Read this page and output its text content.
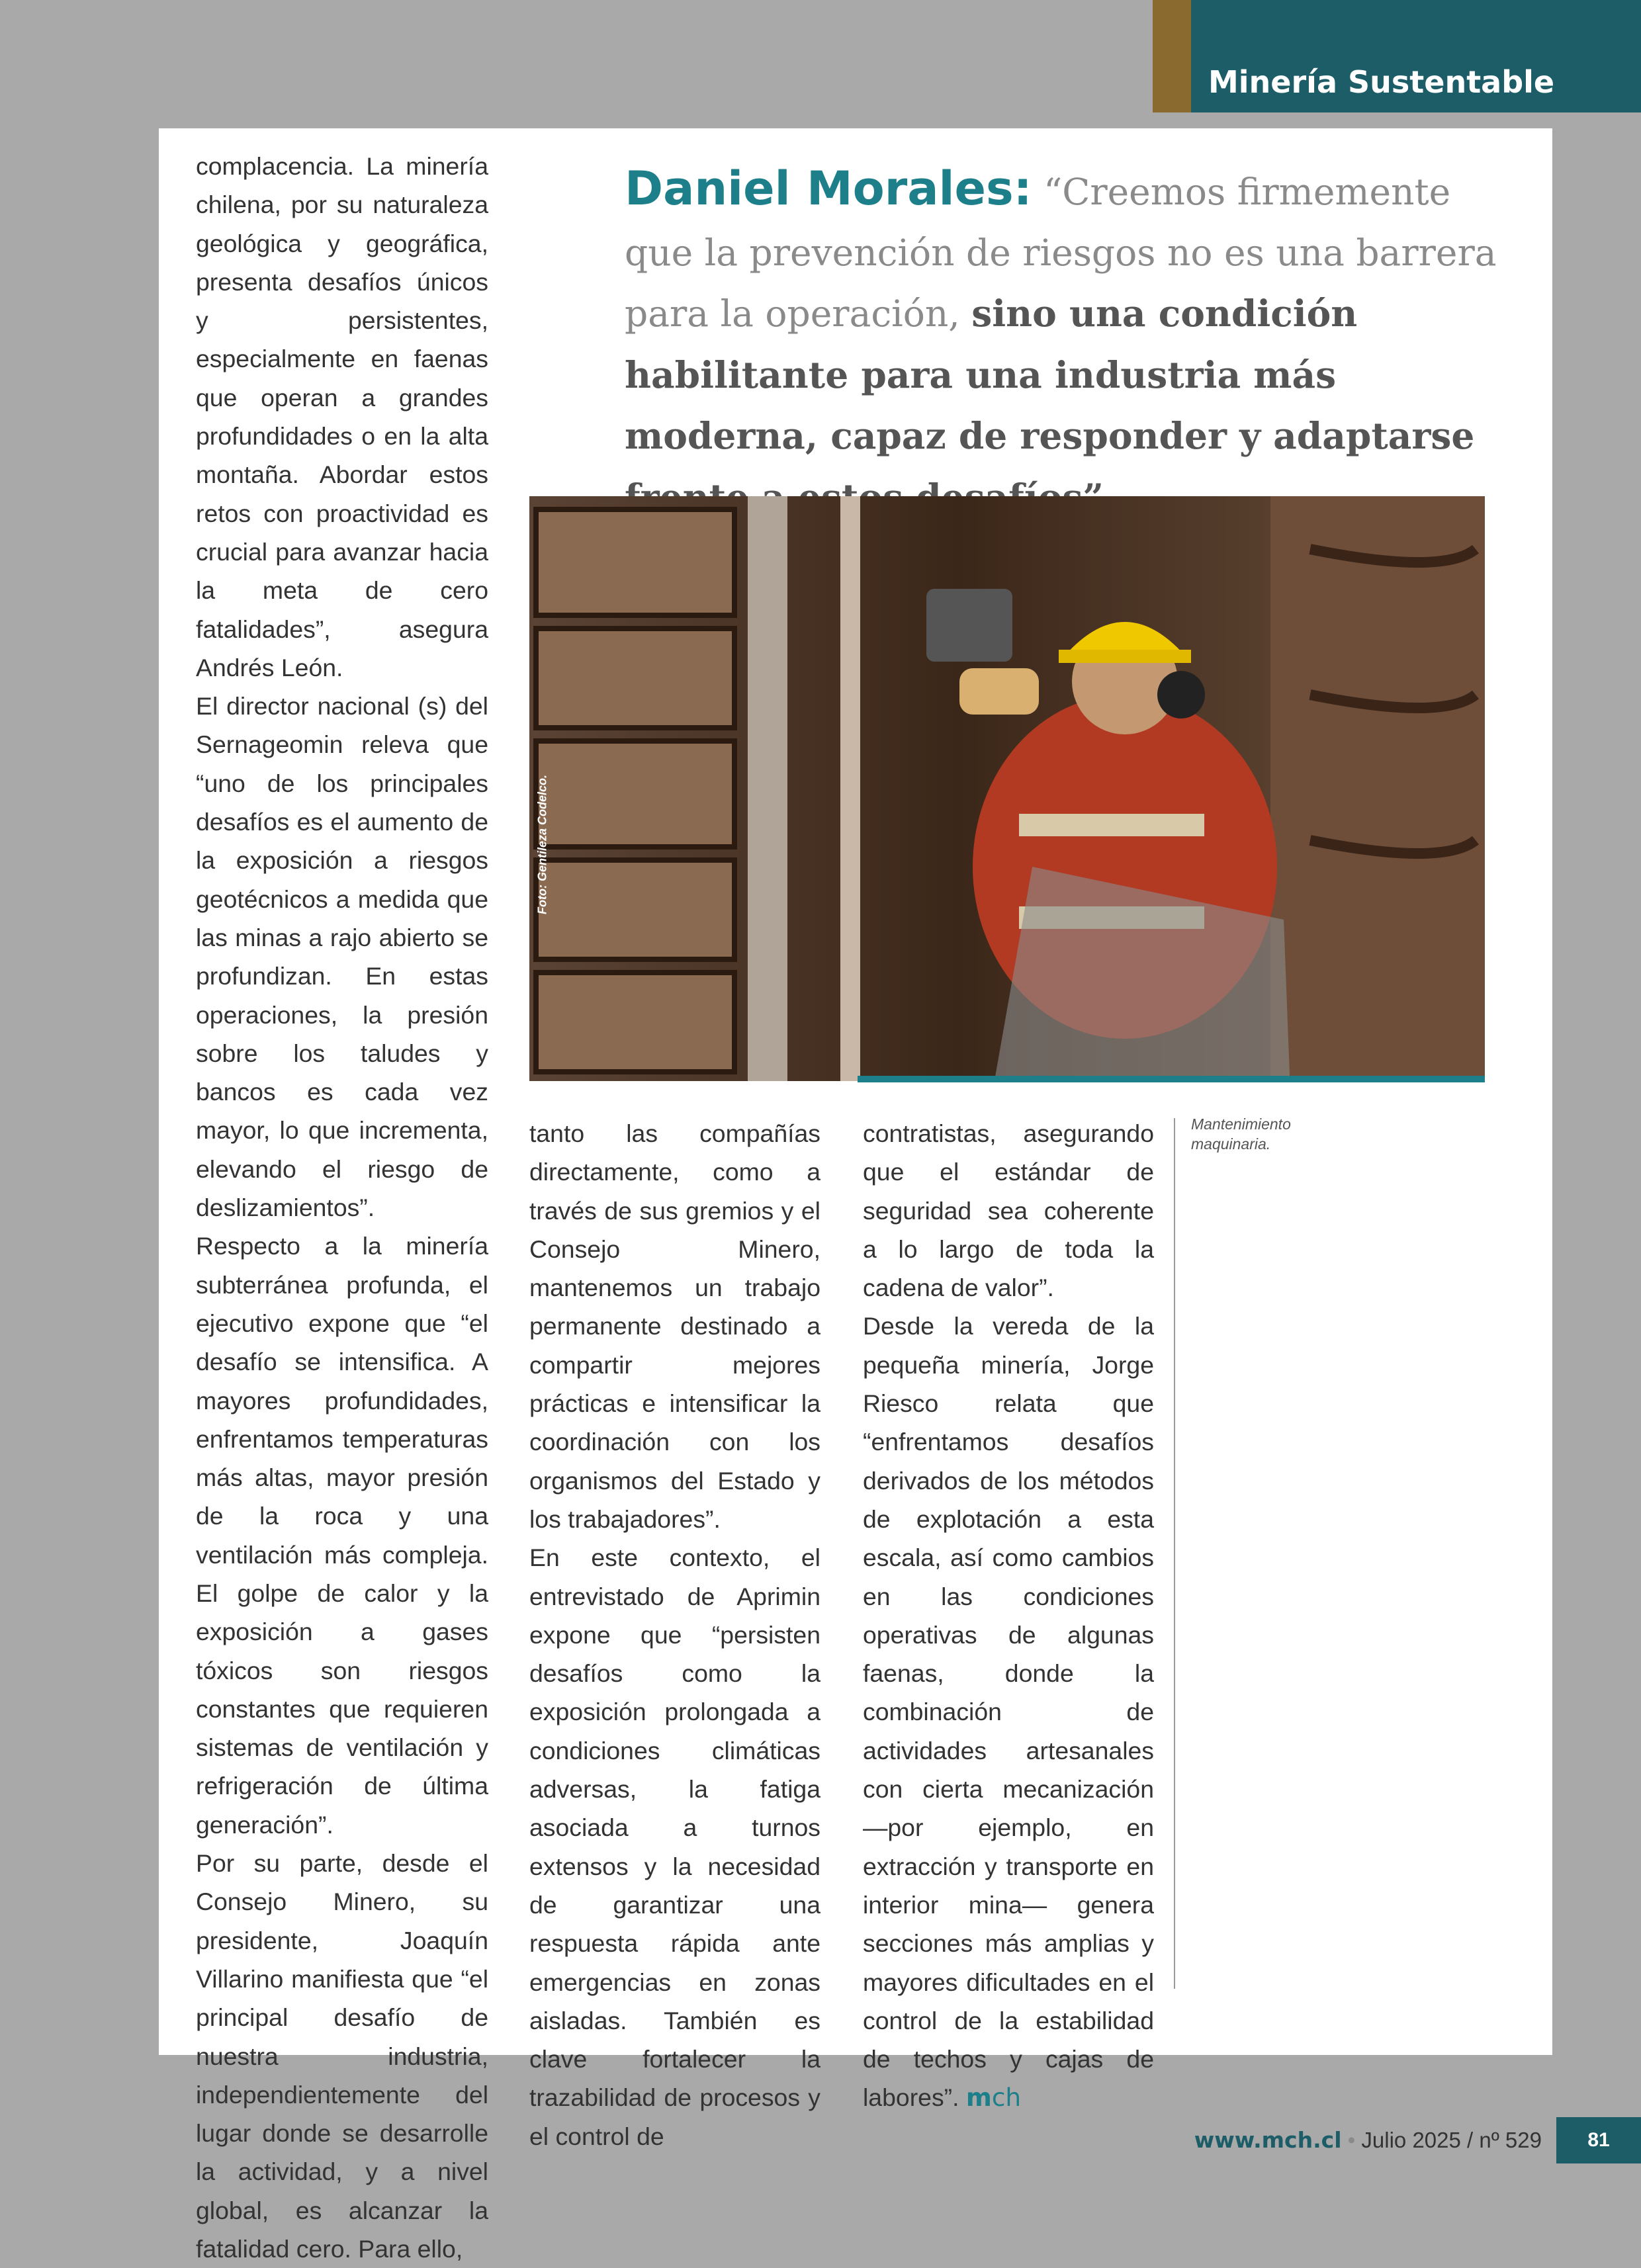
Minería Sustentable

Daniel Morales: “Creemos firmemente que la prevención de riesgos no es una barrera para la operación, sino una condición habilitante para una industria más moderna, capaz de responder y adaptarse

Foto: Gentileza Codelco.

complacencia. La minería chilena, por su naturaleza geológica y geográfica, presenta desafíos únicos y persistentes, especialmente en faenas que operan a grandes profundidades o en la alta montaña. Abordar estos retos con proactividad es crucial para avanzar hacia la meta de cero fatalidades”, asegura Andrés León.

El director nacional (s) del Sernageomin releva que “uno de los principales desafíos es el aumento de la exposición a riesgos geotécnicos a medida que las minas a rajo abierto se profundizan. En estas operaciones, la presión sobre los taludes y bancos es cada vez mayor, lo que incrementa, elevando el riesgo de deslizamientos”.

Respecto a la minería subterránea profunda, el ejecutivo expone que “el desafío se intensifica. A mayores profundidades, enfrentamos temperaturas más altas, mayor presión de la roca y una ventilación más compleja. El golpe de calor y la exposición a gases tóxicos son riesgos constantes que requieren sistemas de ventilación y refrigeración de última generación”.

Por su parte, desde el Consejo Minero, su presidente, Joaquín Villarino manifiesta que “el principal desafío de nuestra industria, independientemente del lugar donde se desarrolle la actividad, y a nivel global, es alcanzar la fatalidad cero. Para ello,

tanto las compañías directamente, como a través de sus gremios y el Consejo Minero, mantenemos un trabajo permanente destinado a compartir mejores prácticas e intensificar la coordinación con los organismos del Estado y los trabajadores”.

En este contexto, el entrevistado de Aprimin expone que “persisten desafíos como la exposición prolongada a condiciones climáticas adversas, la fatiga asociada a turnos extensos y la necesidad de garantizar una respuesta rápida ante emergencias en zonas aisladas. También es clave fortalecer la trazabilidad de procesos y el control de

contratistas, asegurando que el estándar de seguridad sea coherente a lo largo de toda la cadena de valor”.

Desde la vereda de la pequeña minería, Jorge Riesco relata que “enfrentamos desafíos derivados de los métodos de explotación a esta escala, así como cambios en las condiciones operativas de algunas faenas, donde la combinación de actividades artesanales con cierta mecanización —por ejemplo, en extracción y transporte en interior mina— genera secciones más amplias y mayores dificultades en el control de la estabilidad de techos y cajas de labores”. mch

Mantenimiento maquinaria.
www.mch.cl • Julio 2025 / nº 529	81
